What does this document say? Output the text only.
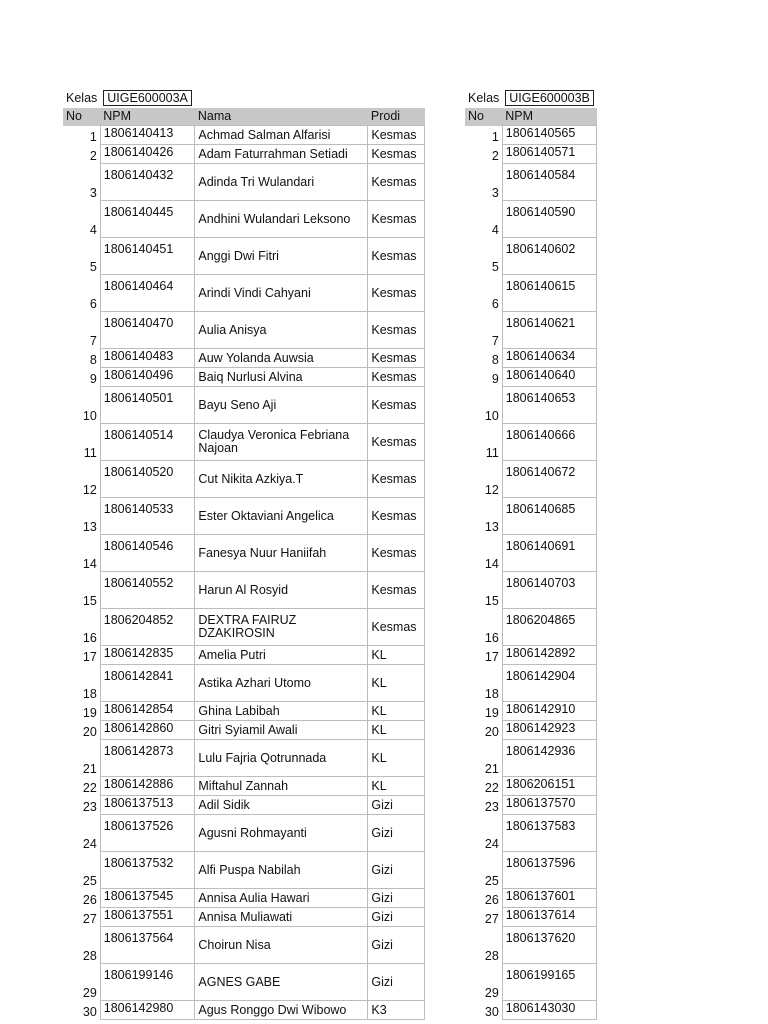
Kelas	UIGE600003A		
No	NPM	Nama	Prodi
1	1806140413	Achmad Salman Alfarisi	Kesmas
2	1806140426	Adam Faturrahman Setiadi	Kesmas
3	1806140432	Adinda Tri Wulandari	Kesmas
4	1806140445	Andhini Wulandari Leksono	Kesmas
5	1806140451	Anggi Dwi Fitri	Kesmas
6	1806140464	Arindi Vindi Cahyani	Kesmas
7	1806140470	Aulia Anisya	Kesmas
8	1806140483	Auw Yolanda Auwsia	Kesmas
9	1806140496	Baiq Nurlusi Alvina	Kesmas
10	1806140501	Bayu Seno Aji	Kesmas
11	1806140514	Claudya Veronica Febriana Najoan	Kesmas
12	1806140520	Cut Nikita Azkiya.T	Kesmas
13	1806140533	Ester Oktaviani Angelica	Kesmas
14	1806140546	Fanesya Nuur Haniifah	Kesmas
15	1806140552	Harun Al Rosyid	Kesmas
16	1806204852	DEXTRA FAIRUZ DZAKIROSIN	Kesmas
17	1806142835	Amelia Putri	KL
18	1806142841	Astika Azhari Utomo	KL
19	1806142854	Ghina Labibah	KL
20	1806142860	Gitri Syiamil Awali	KL
21	1806142873	Lulu Fajria Qotrunnada	KL
22	1806142886	Miftahul Zannah	KL
23	1806137513	Adil Sidik	Gizi
24	1806137526	Agusni Rohmayanti	Gizi
25	1806137532	Alfi Puspa Nabilah	Gizi
26	1806137545	Annisa Aulia Hawari	Gizi
27	1806137551	Annisa Muliawati	Gizi
28	1806137564	Choirun Nisa	Gizi
29	1806199146	AGNES GABE	Gizi
30	1806142980	Agus Ronggo Dwi Wibowo	K3
Kelas	UIGE600003B
No	NPM
1	1806140565
2	1806140571
3	1806140584
4	1806140590
5	1806140602
6	1806140615
7	1806140621
8	1806140634
9	1806140640
10	1806140653
11	1806140666
12	1806140672
13	1806140685
14	1806140691
15	1806140703
16	1806204865
17	1806142892
18	1806142904
19	1806142910
20	1806142923
21	1806142936
22	1806206151
23	1806137570
24	1806137583
25	1806137596
26	1806137601
27	1806137614
28	1806137620
29	1806199165
30	1806143030
